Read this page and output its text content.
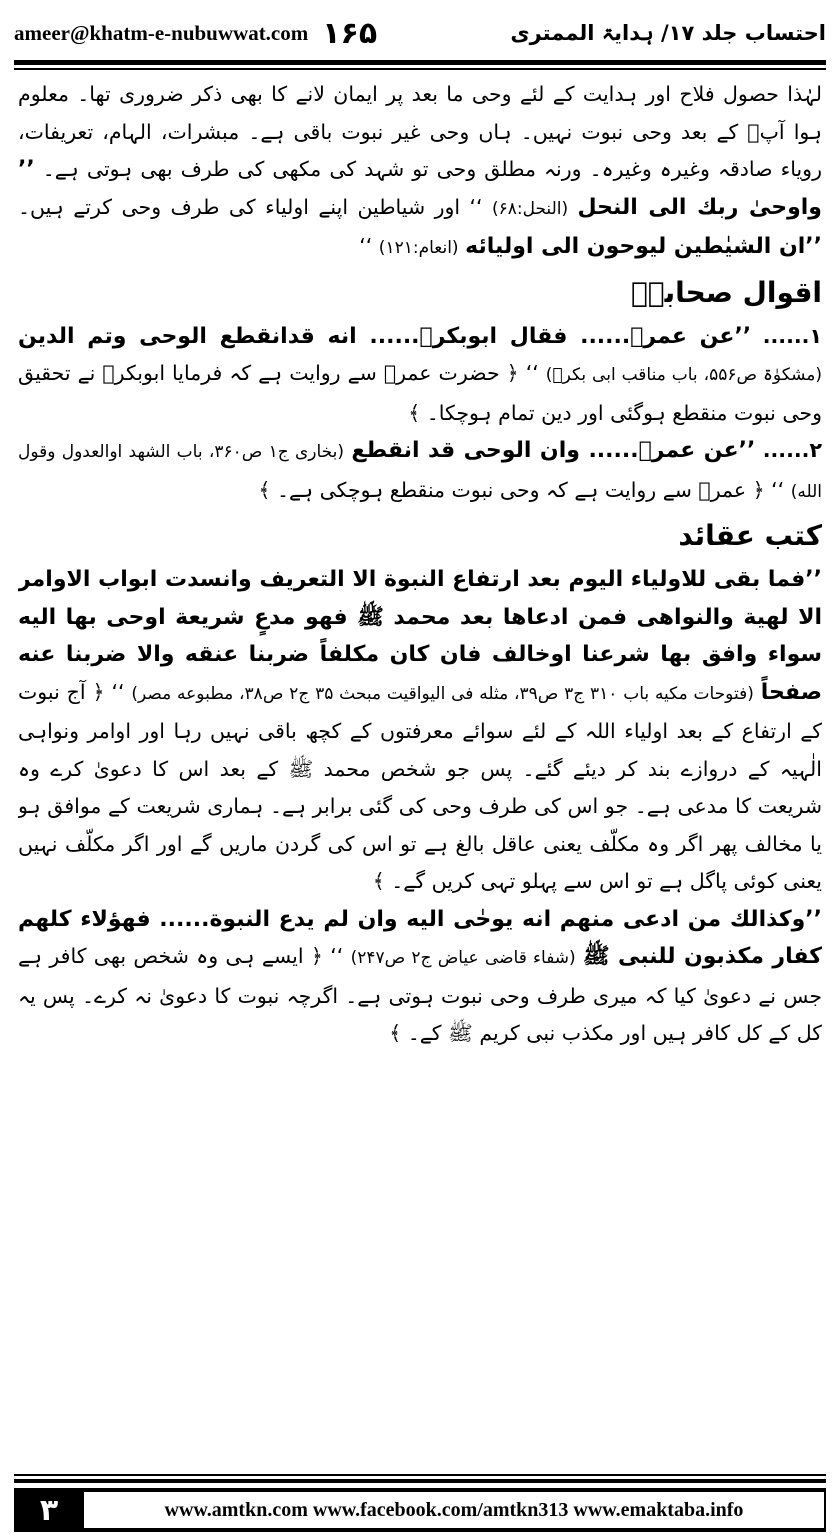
ameer@khatm-e-nubuwwat.com ۱۶۵	احتساب جلد ۱۷/ ہدایۃ الممتری

لہٰذا حصول فلاح اور ہدایت کے لئے وحی ما بعد پر ایمان لانے کا بھی ذکر ضروری تھا۔ معلوم ہوا آپؐ کے بعد وحی نبوت نہیں۔ ہاں وحی غیر نبوت باقی ہے۔ مبشرات، الہام، تعریفات، رویاء صادقہ وغیرہ وغیرہ۔ ورنہ مطلق وحی تو شہد کی مکھی کی طرف بھی ہوتی ہے۔ ’’ واوحیٰ ربك الی النحل (النحل:۶۸) ‘‘ اور شیاطین اپنے اولیاء کی طرف وحی کرتے ہیں۔ ’’ان الشیٰطین لیوحون الی اولیائه (انعام:۱۲۱) ‘‘

اقوال صحابہؓ

۱...... ’’عن عمرؓ...... فقال ابوبکرؓ...... انه قدانقطع الوحی وتم الدین (مشکوٰۃ ص۵۵۶، باب مناقب ابی بکرؓ) ‘‘ ﴿ حضرت عمرؓ سے روایت ہے کہ فرمایا ابوبکرؓ نے تحقیق وحی نبوت منقطع ہوگئی اور دین تمام ہوچکا۔ ﴾

۲...... ’’عن عمرؓ...... وان الوحی قد انقطع (بخاری ج۱ ص۳۶۰، باب الشهد اوالعدول وقول الله) ‘‘ ﴿ عمرؓ سے روایت ہے کہ وحی نبوت منقطع ہوچکی ہے۔ ﴾

کتب عقائد

’’فما بقی للاولیاء الیوم بعد ارتفاع النبوة الا التعریف وانسدت ابواب الاوامر الا لهیة والنواهی فمن ادعاها بعد محمد ﷺ فهو مدعٍ شریعة اوحی بها الیه سواء وافق بها شرعنا اوخالف فان کان مکلفاً ضربنا عنقه والا ضربنا عنه صفحاً (فتوحات مکیه باب ۳۱۰ ج۳ ص۳۹، مثله فی الیواقیت مبحث ۳۵ ج۲ ص۳۸، مطبوعه مصر) ‘‘ ﴿ آج نبوت کے ارتفاع کے بعد اولیاء اللہ کے لئے سوائے معرفتوں کے کچھ باقی نہیں رہا اور اوامر ونواہی الٰہیہ کے دروازے بند کر دیئے گئے۔ پس جو شخص محمد ﷺ کے بعد اس کا دعویٰ کرے وہ شریعت کا مدعی ہے۔ جو اس کی طرف وحی کی گئی برابر ہے۔ ہماری شریعت کے موافق ہو یا مخالف پھر اگر وہ مکلّف یعنی عاقل بالغ ہے تو اس کی گردن ماریں گے اور اگر مکلّف نہیں یعنی کوئی پاگل ہے تو اس سے پہلو تہی کریں گے۔ ﴾

’’وکذالك من ادعی منهم انه یوحٰی الیه وان لم یدع النبوة...... فهؤلاء کلهم کفار مکذبون للنبی ﷺ (شفاء قاضی عیاض ج۲ ص۲۴۷) ‘‘ ﴿ ایسے ہی وہ شخص بھی کافر ہے جس نے دعویٰ کیا کہ میری طرف وحی نبوت ہوتی ہے۔ اگرچہ نبوت کا دعویٰ نہ کرے۔ پس یہ کل کے کل کافر ہیں اور مکذب نبی کریم ﷺ کے۔ ﴾

۳	www.amtkn.com www.facebook.com/amtkn313 www.emaktaba.info
